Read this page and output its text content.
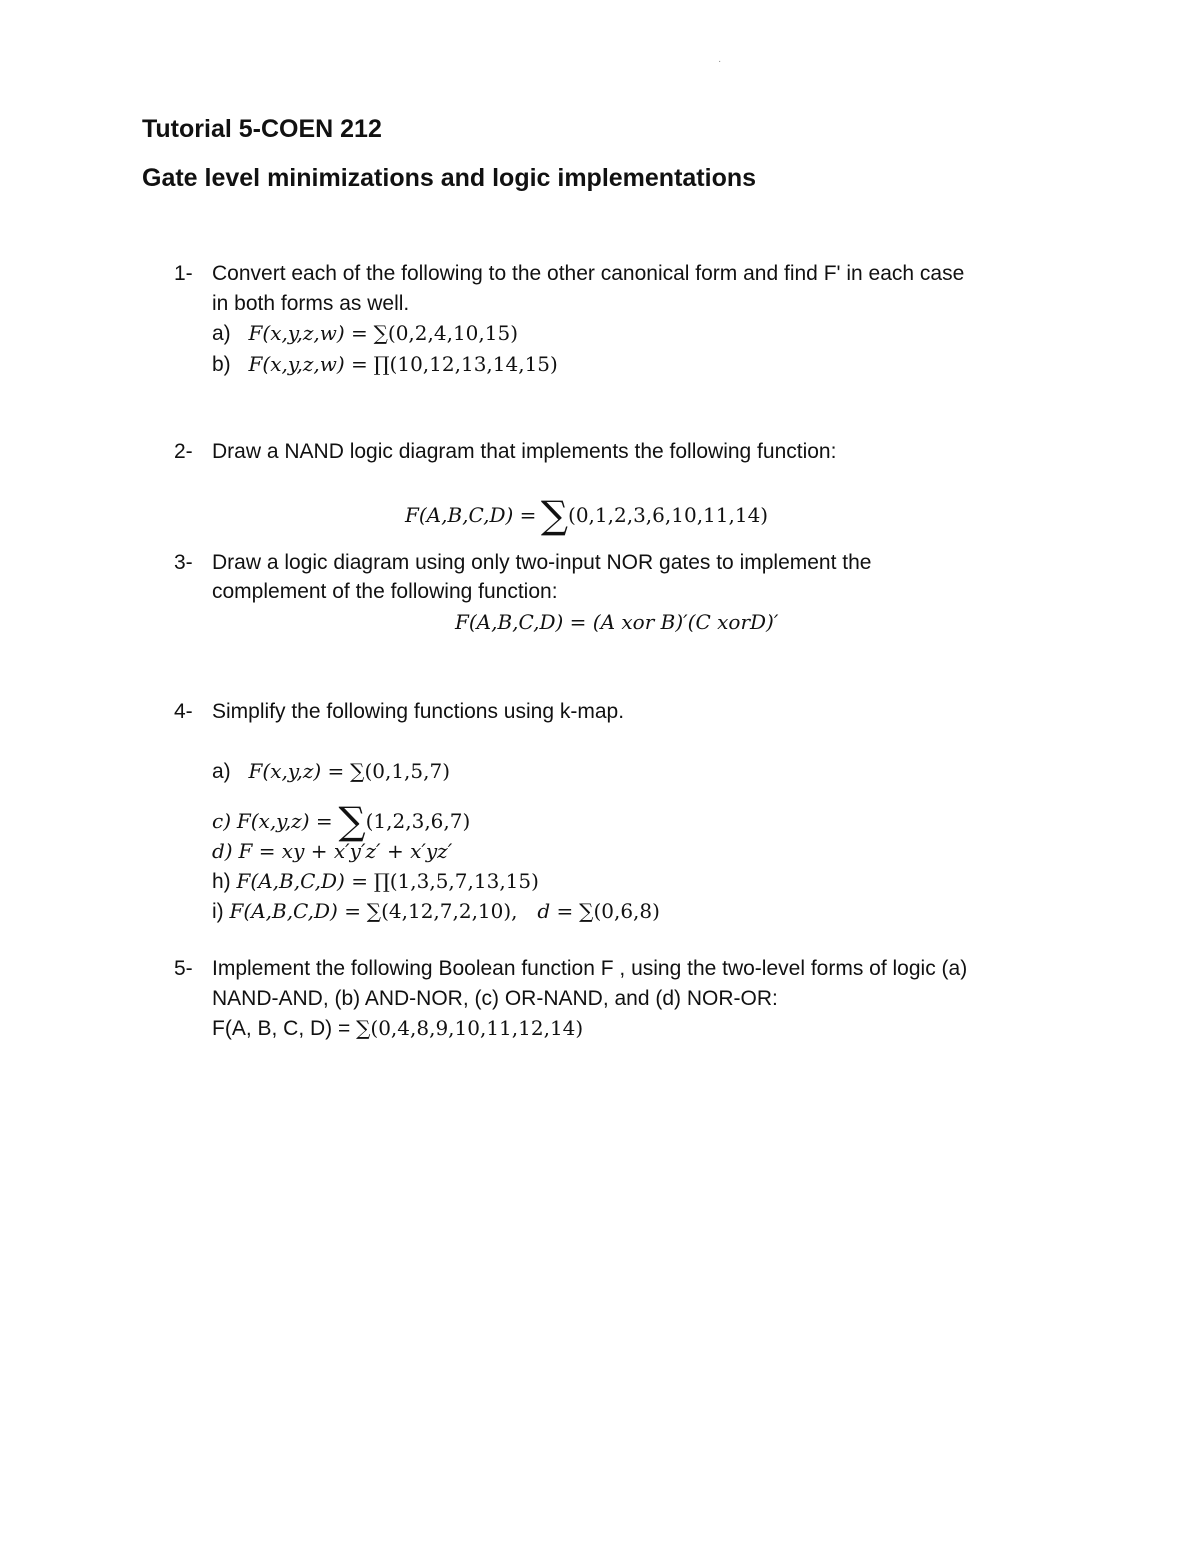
·
Tutorial 5-COEN 212
Gate level minimizations and logic implementations
1- Convert each of the following to the other canonical form and find F' in each case
in both forms as well.
a) F(x,y,z,w) = ∑(0,2,4,10,15)
b) F(x,y,z,w) = ∏(10,12,13,14,15)
2- Draw a NAND logic diagram that implements the following function:
F(A,B,C,D) = ∑(0,1,2,3,6,10,11,14)
3- Draw a logic diagram using only two-input NOR gates to implement the
complement of the following function:
F(A,B,C,D) = (A xor B)′(C xorD)′
4- Simplify the following functions using k-map.
a) F(x,y,z) = ∑(0,1,5,7)
c) F(x,y,z) = ∑(1,2,3,6,7)
d) F = xy + x′y′z′ + x′yz′
h) F(A,B,C,D) = ∏(1,3,5,7,13,15)
i) F(A,B,C,D) = ∑(4,12,7,2,10), d = ∑(0,6,8)
5- Implement the following Boolean function F , using the two-level forms of logic (a)
NAND-AND, (b) AND-NOR, (c) OR-NAND, and (d) NOR-OR:
F(A, B, C, D) = ∑(0,4,8,9,10,11,12,14)
